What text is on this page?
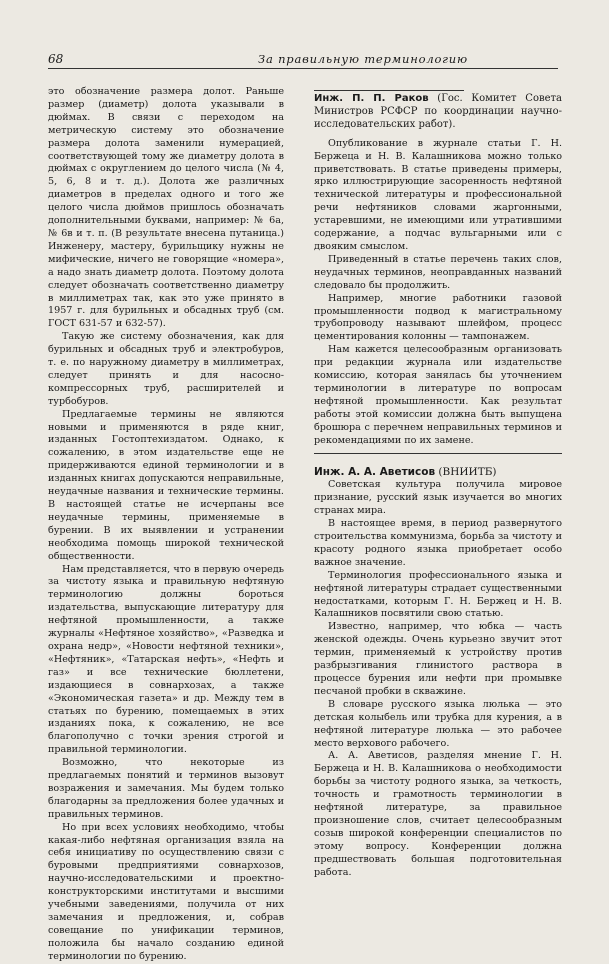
68	За правильную терминологию

это обозначение размера долот. Раньше размер (диаметр) долота указывали в дюймах. В связи с переходом на метрическую систему это обозначение размера долота заменили нумерацией, соответствующей тому же диаметру долота в дюймах с округлением до целого числа (№ 4, 5, 6, 8 и т. д.). Долота же различных диаметров в пределах одного и того же целого числа дюймов пришлось обозначать дополнительными буквами, например: № 6а, № 6в и т. п. (В результате внесена путаница.) Инженеру, мастеру, бурильщику нужны не мифические, ничего не говорящие «номера», а надо знать диаметр долота. Поэтому долота следует обозначать соответственно диаметру в миллиметрах так, как это уже принято в 1957 г. для бурильных и обсадных труб (см. ГОСТ 631-57 и 632-57).

Такую же систему обозначения, как для бурильных и обсадных труб и электробуров, т. е. по наружному диаметру в миллиметрах, следует принять и для насосно-компрессорных труб, расширителей и турбобуров.

Предлагаемые термины не являются новыми и применяются в ряде книг, изданных Гостоптехиздатом. Однако, к сожалению, в этом издательстве еще не придерживаются единой терминологии и в изданных книгах допускаются неправильные, неудачные названия и технические термины. В настоящей статье не исчерпаны все неудачные термины, применяемые в бурении. В их выявлении и устранении необходима помощь широкой технической общественности.

Нам представляется, что в первую очередь за чистоту языка и правильную нефтяную терминологию должны бороться издательства, выпускающие литературу для нефтяной промышленности, а также журналы «Нефтяное хозяйство», «Разведка и охрана недр», «Новости нефтяной техники», «Нефтяник», «Татарская нефть», «Нефть и газ» и все технические бюллетени, издающиеся в совнархозах, а также «Экономическая газета» и др. Между тем в статьях по бурению, помещаемых в этих изданиях пока, к сожалению, не все благополучно с точки зрения строгой и правильной терминологии.

Возможно, что некоторые из предлагаемых понятий и терминов вызовут возражения и замечания. Мы будем только благодарны за предложения более удачных и правильных терминов.

Но при всех условиях необходимо, чтобы какая-либо нефтяная организация взяла на себя инициативу по осуществлению связи с буровыми предприятиями совнархозов, научно-исследовательскими и проектно-конструкторскими институтами и высшими учебными заведениями, получила от них замечания и предложения, и, собрав совещание по унификации терминов, положила бы начало созданию единой терминологии по бурению.

Инж. П. П. Раков (Гос. Комитет Совета Министров РСФСР по координации научно-исследовательских работ).

Опубликование в журнале статьи Г. Н. Бержеца и Н. В. Калашникова можно только приветствовать. В статье приведены примеры, ярко иллюстрирующие засоренность нефтяной технической литературы и профессиональной речи нефтяников словами жаргонными, устаревшими, не имеющими или утратившими содержание, а подчас вульгарными или с двояким смыслом.

Приведенный в статье перечень таких слов, неудачных терминов, неоправданных названий следовало бы продолжить.

Например, многие работники газовой промышленности подвод к магистральному трубопроводу называют шлейфом, процесс цементирования колонны — тампонажем.

Нам кажется целесообразным организовать при редакции журнала или издательстве комиссию, которая занялась бы уточнением терминологии в литературе по вопросам нефтяной промышленности. Как результат работы этой комиссии должна быть выпущена брошюра с перечнем неправильных терминов и рекомендациями по их замене.

Инж. А. А. Аветисов (ВНИИТБ)

Советская культура получила мировое признание, русский язык изучается во многих странах мира.

В настоящее время, в период развернутого строительства коммунизма, борьба за чистоту и красоту родного языка приобретает особо важное значение.

Терминология профессионального языка и нефтяной литературы страдает существенными недостатками, которым Г. Н. Бержец и Н. В. Калашников посвятили свою статью.

Известно, например, что юбка — часть женской одежды. Очень курьезно звучит этот термин, применяемый к устройству против разбрызгивания глинистого раствора в процессе бурения или нефти при промывке песчаной пробки в скважине.

В словаре русского языка люлька — это детская колыбель или трубка для курения, а в нефтяной литературе люлька — это рабочее место верхового рабочего.

А. А. Аветисов, разделяя мнение Г. Н. Бержеца и Н. В. Калашникова о необходимости борьбы за чистоту родного языка, за четкость, точность и грамотность терминологии в нефтяной литературе, за правильное произношение слов, считает целесообразным созыв широкой конференции специалистов по этому вопросу. Конференции должна предшествовать большая подготовительная работа.
